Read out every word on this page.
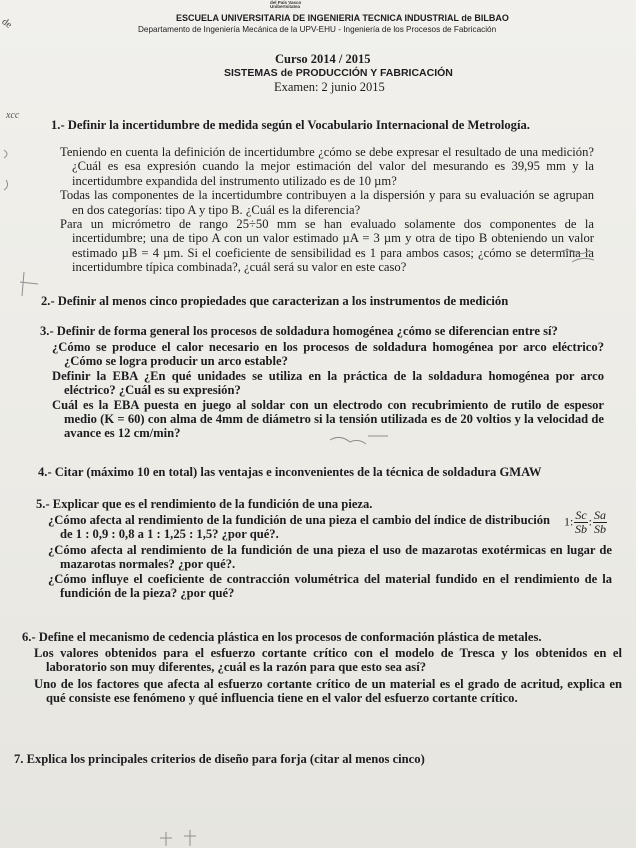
del País Vasco
Unibertsitatea
ESCUELA UNIVERSITARIA DE INGENIERIA TECNICA INDUSTRIAL de BILBAO
Departamento de Ingeniería Mecánica de la UPV-EHU - Ingeniería de los Procesos de Fabricación
Curso 2014 / 2015
SISTEMAS de PRODUCCIÓN Y FABRICACIÓN
Examen: 2 junio 2015
de
xcc
1.- Definir la incertidumbre de medida según el Vocabulario Internacional de Metrología.

Teniendo en cuenta la definición de incertidumbre ¿cómo se debe expresar el resultado de una medición? ¿Cuál es esa expresión cuando la mejor estimación del valor del mesurando es 39,95 mm y la incertidumbre expandida del instrumento utilizado es de 10 µm?

Todas las componentes de la incertidumbre contribuyen a la dispersión y para su evaluación se agrupan en dos categorías: tipo A y tipo B. ¿Cuál es la diferencia?

Para un micrómetro de rango 25÷50 mm se han evaluado solamente dos componentes de la incertidumbre; una de tipo A con un valor estimado µA = 3 µm y otra de tipo B obteniendo un valor estimado µB = 4 µm. Si el coeficiente de sensibilidad es 1 para ambos casos; ¿cómo se determina la incertidumbre típica combinada?, ¿cuál será su valor en este caso?

2.- Definir al menos cinco propiedades que caracterizan a los instrumentos de medición
3.- Definir de forma general los procesos de soldadura homogénea ¿cómo se diferencian entre sí?

¿Cómo se produce el calor necesario en los procesos de soldadura homogénea por arco eléctrico? ¿Cómo se logra producir un arco estable?

Definir la EBA ¿En qué unidades se utiliza en la práctica de la soldadura homogénea por arco eléctrico? ¿Cuál es su expresión?

Cuál es la EBA puesta en juego al soldar con un electrodo con recubrimiento de rutilo de espesor medio (K = 60) con alma de 4mm de diámetro si la tensión utilizada es de 20 voltios y la velocidad de avance es 12 cm/min?

4.- Citar (máximo 10 en total) las ventajas e inconvenientes de la técnica de soldadura GMAW
5.- Explicar que es el rendimiento de la fundición de una pieza.

¿Cómo afecta al rendimiento de la fundición de una pieza el cambio del índice de distribución de 1 : 0,9 : 0,8 a 1 : 1,25 : 1,5? ¿por qué?.

¿Cómo afecta al rendimiento de la fundición de una pieza el uso de mazarotas exotérmicas en lugar de mazarotas normales? ¿por qué?.

¿Cómo influye el coeficiente de contracción volumétrica del material fundido en el rendimiento de la fundición de la pieza? ¿por qué?

1: $\frac{Sc}{Sb}$ : $\frac{Sa}{Sb}$
6.- Define el mecanismo de cedencia plástica en los procesos de conformación plástica de metales.

Los valores obtenidos para el esfuerzo cortante crítico con el modelo de Tresca y los obtenidos en el laboratorio son muy diferentes, ¿cuál es la razón para que esto sea así?

Uno de los factores que afecta al esfuerzo cortante crítico de un material es el grado de acritud, explica en qué consiste ese fenómeno y qué influencia tiene en el valor del esfuerzo cortante crítico.

7. Explica los principales criterios de diseño para forja (citar al menos cinco)
